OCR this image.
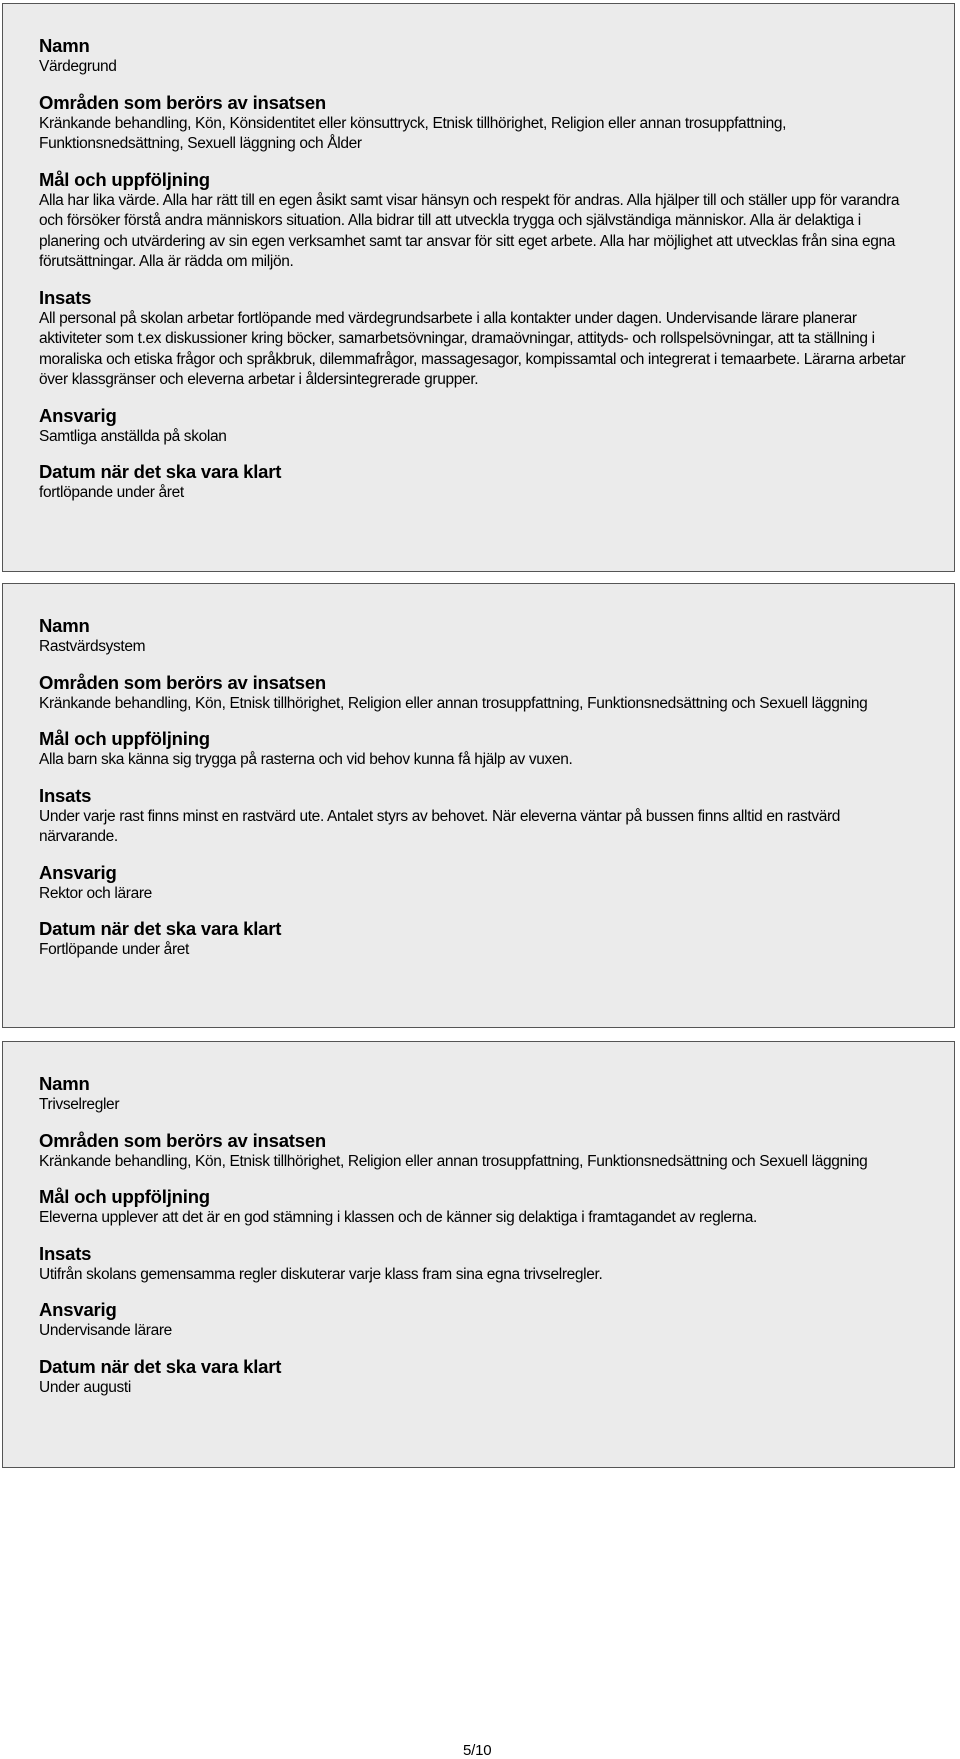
Namn
Värdegrund
Områden som berörs av insatsen
Kränkande behandling, Kön, Könsidentitet eller könsuttryck, Etnisk tillhörighet, Religion eller annan trosuppfattning, Funktionsnedsättning, Sexuell läggning och Ålder
Mål och uppföljning
Alla har lika värde. Alla har rätt till en egen åsikt samt visar hänsyn och respekt för andras. Alla hjälper till och ställer upp för varandra och försöker förstå andra människors situation. Alla bidrar till att utveckla trygga och självständiga människor. Alla är delaktiga i planering och utvärdering av sin egen verksamhet samt tar ansvar för sitt eget arbete. Alla har möjlighet att utvecklas från sina egna förutsättningar. Alla är rädda om miljön.
Insats
All personal på skolan arbetar fortlöpande med värdegrundsarbete i alla kontakter under dagen. Undervisande lärare planerar aktiviteter som t.ex diskussioner kring böcker, samarbetsövningar, dramaövningar, attityds- och rollspelsövningar, att ta ställning i moraliska och etiska frågor och språkbruk, dilemmafrågor, massagesagor, kompissamtal och integrerat i temaarbete. Lärarna arbetar över klassgränser och eleverna arbetar i åldersintegrerade grupper.
Ansvarig
Samtliga anställda på skolan
Datum när det ska vara klart
fortlöpande under året
Namn
Rastvärdsystem
Områden som berörs av insatsen
Kränkande behandling, Kön, Etnisk tillhörighet, Religion eller annan trosuppfattning, Funktionsnedsättning och Sexuell läggning
Mål och uppföljning
Alla barn ska känna sig trygga på rasterna och vid behov kunna få hjälp av vuxen.
Insats
Under varje rast finns minst en rastvärd ute. Antalet styrs av behovet. När eleverna väntar på bussen finns alltid en rastvärd närvarande.
Ansvarig
Rektor och lärare
Datum när det ska vara klart
Fortlöpande under året
Namn
Trivselregler
Områden som berörs av insatsen
Kränkande behandling, Kön, Etnisk tillhörighet, Religion eller annan trosuppfattning, Funktionsnedsättning och Sexuell läggning
Mål och uppföljning
Eleverna upplever att det är en god stämning i klassen och de känner sig delaktiga i framtagandet av reglerna.
Insats
Utifrån skolans gemensamma regler diskuterar varje klass fram sina egna trivselregler.
Ansvarig
Undervisande lärare
Datum när det ska vara klart
Under augusti
5/10
